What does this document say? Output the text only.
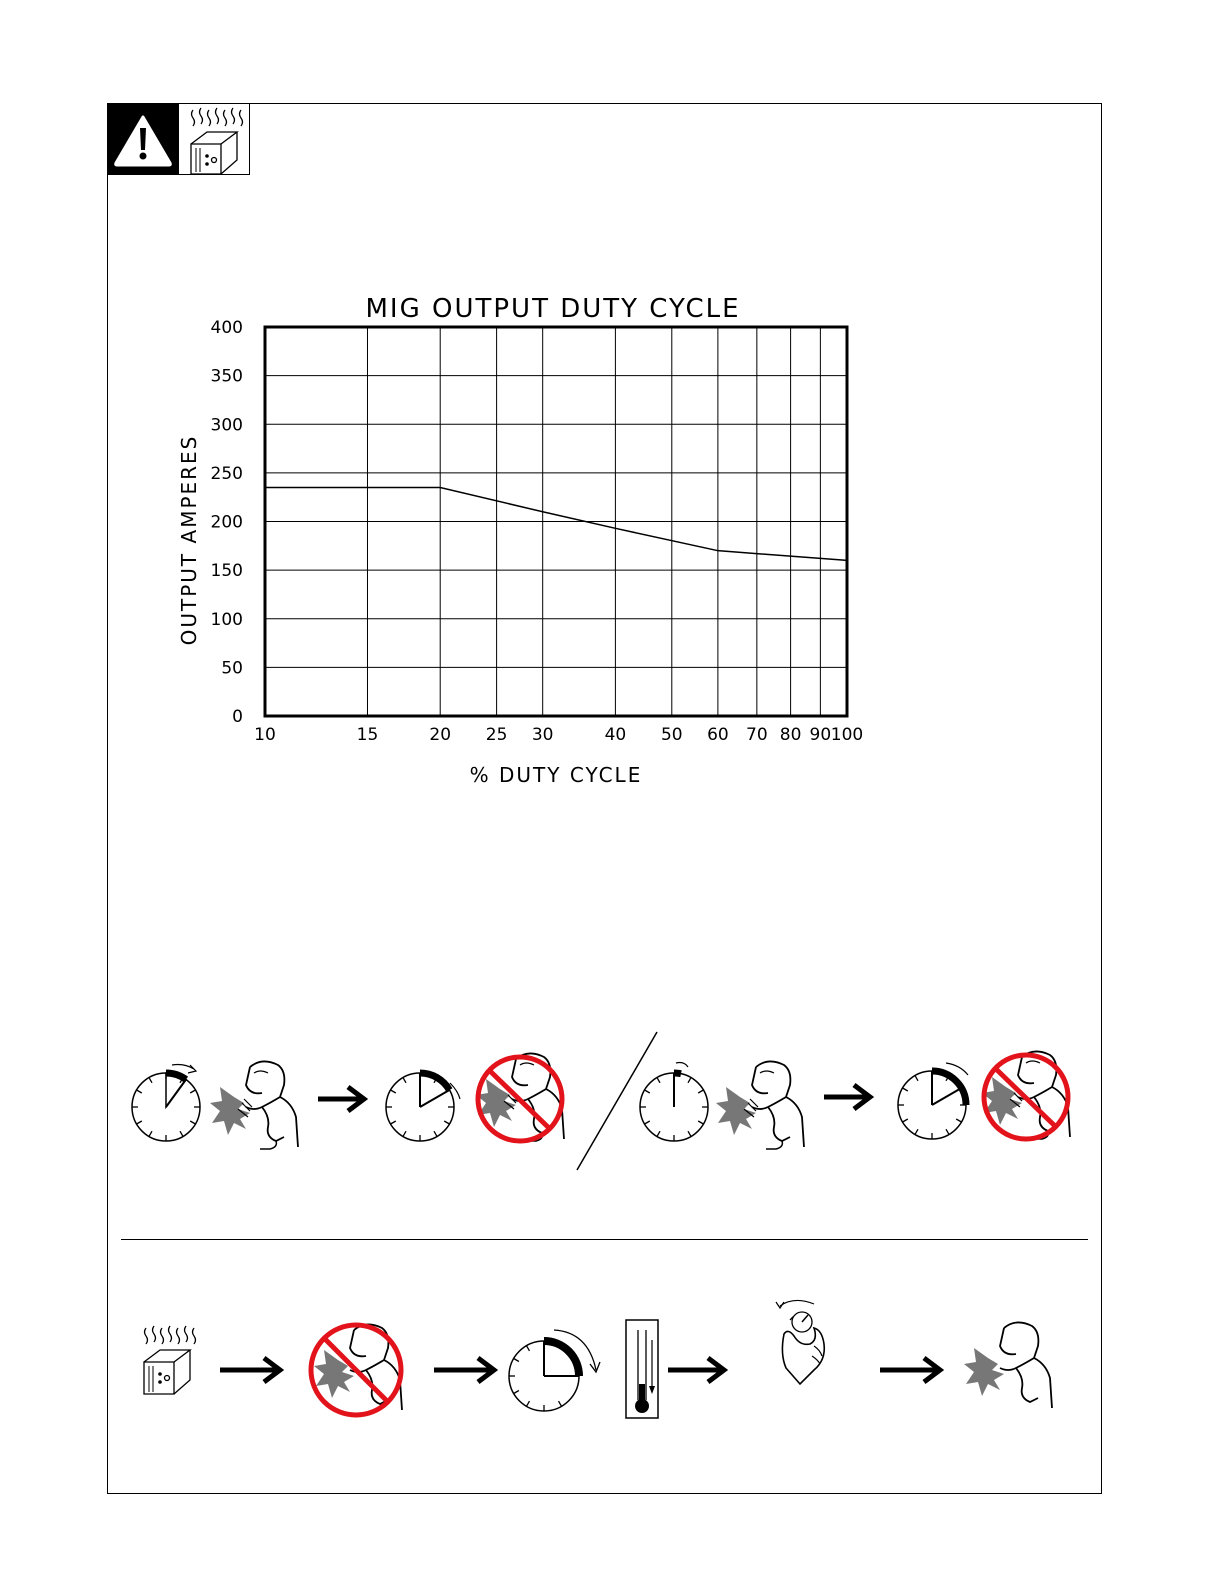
MIG OUTPUT DUTY CYCLE
OUTPUT AMPERES
% DUTY CYCLE
10	15	20 25 30	40 50 60 70 80 90 100
0
50
100
150
200
250
300
350
400
